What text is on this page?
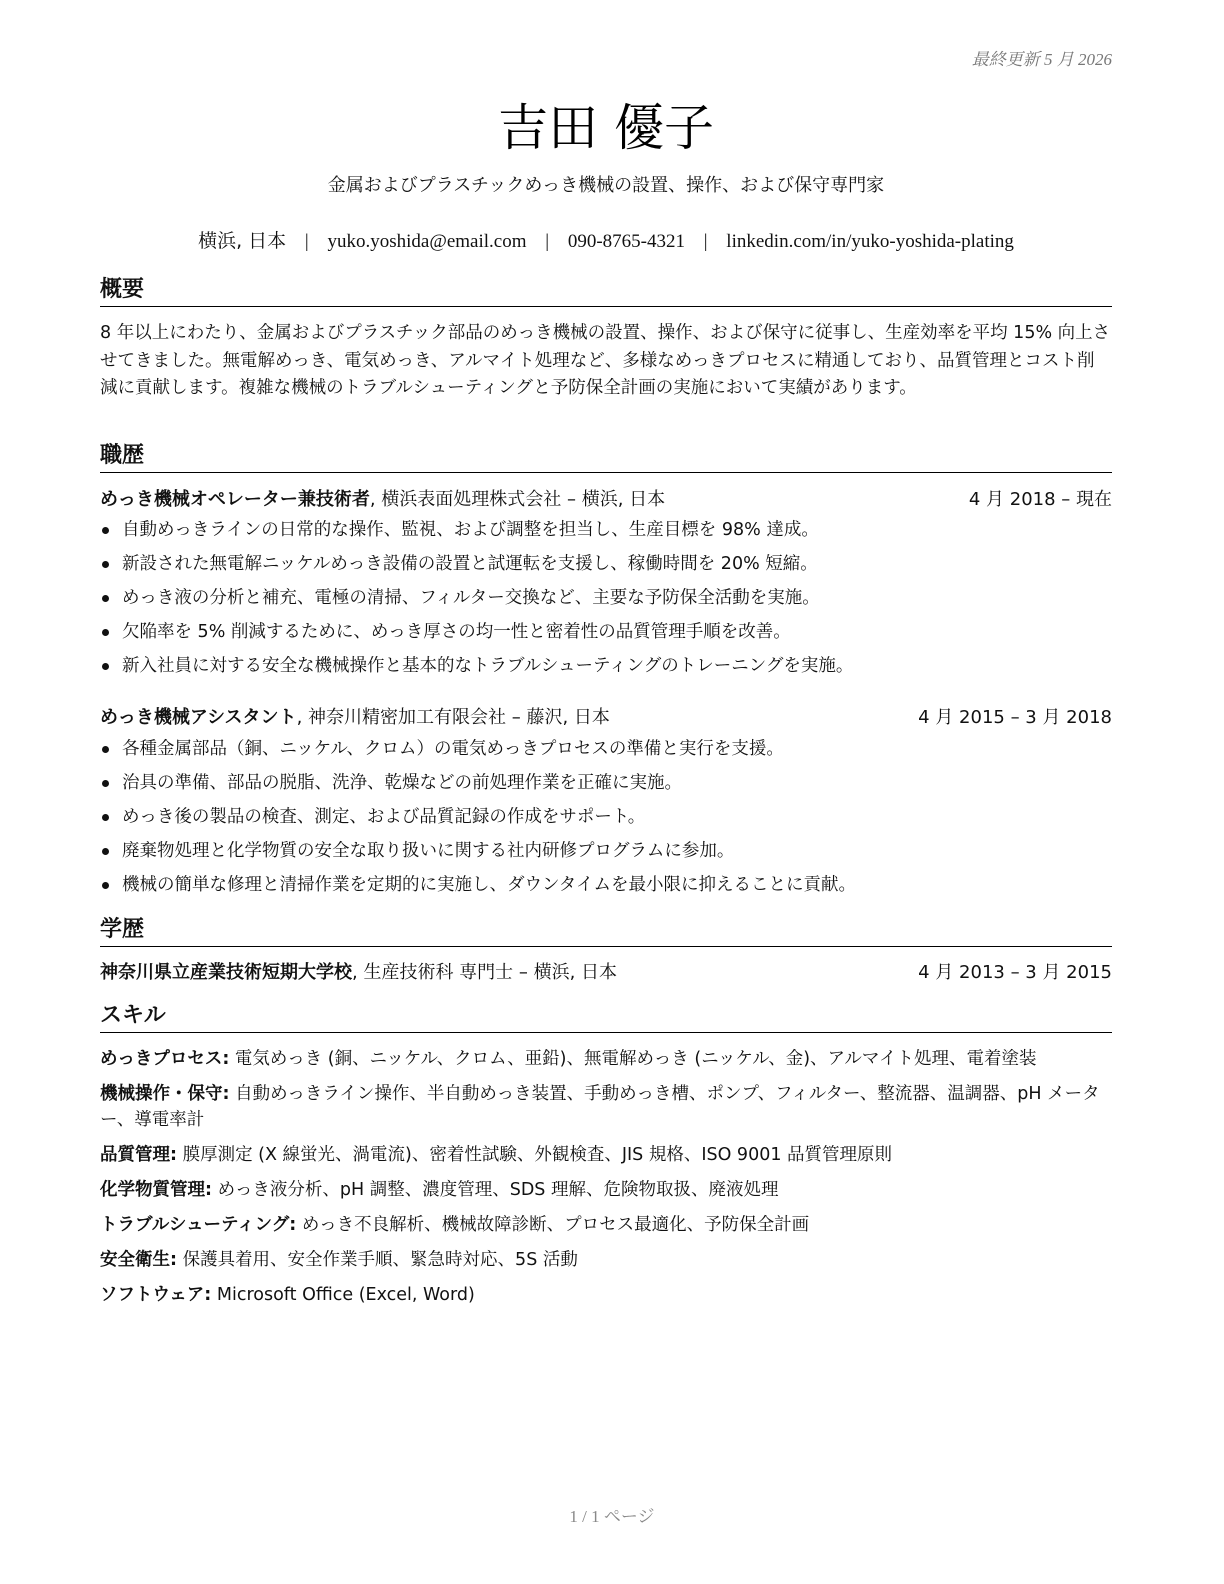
最終更新 5 月 2026
吉田 優子
金属およびプラスチックめっき機械の設置、操作、および保守専門家
横浜, 日本 | yuko.yoshida@email.com | 090-8765-4321 | linkedin.com/in/yuko-yoshida-plating
概要

8 年以上にわたり、金属およびプラスチック部品のめっき機械の設置、操作、および保守に従事し、生産効率を平均 15% 向上させてきました。無電解めっき、電気めっき、アルマイト処理など、多様なめっきプロセスに精通しており、品質管理とコスト削減に貢献します。複雑な機械のトラブルシューティングと予防保全計画の実施において実績があります。

職歴
めっき機械オペレーター兼技術者, 横浜表面処理株式会社 – 横浜, 日本	4 月 2018 – 現在
自動めっきラインの日常的な操作、監視、および調整を担当し、生産目標を 98% 達成。
新設された無電解ニッケルめっき設備の設置と試運転を支援し、稼働時間を 20% 短縮。
めっき液の分析と補充、電極の清掃、フィルター交換など、主要な予防保全活動を実施。
欠陥率を 5% 削減するために、めっき厚さの均一性と密着性の品質管理手順を改善。
新入社員に対する安全な機械操作と基本的なトラブルシューティングのトレーニングを実施。
めっき機械アシスタント, 神奈川精密加工有限会社 – 藤沢, 日本	4 月 2015 – 3 月 2018
各種金属部品（銅、ニッケル、クロム）の電気めっきプロセスの準備と実行を支援。
治具の準備、部品の脱脂、洗浄、乾燥などの前処理作業を正確に実施。
めっき後の製品の検査、測定、および品質記録の作成をサポート。
廃棄物処理と化学物質の安全な取り扱いに関する社内研修プログラムに参加。
機械の簡単な修理と清掃作業を定期的に実施し、ダウンタイムを最小限に抑えることに貢献。
学歴
神奈川県立産業技術短期大学校, 生産技術科 専門士 – 横浜, 日本	4 月 2013 – 3 月 2015
スキル
めっきプロセス: 電気めっき (銅、ニッケル、クロム、亜鉛)、無電解めっき (ニッケル、金)、アルマイト処理、電着塗装
機械操作・保守: 自動めっきライン操作、半自動めっき装置、手動めっき槽、ポンプ、フィルター、整流器、温調器、pH メーター、導電率計
品質管理: 膜厚測定 (X 線蛍光、渦電流)、密着性試験、外観検査、JIS 規格、ISO 9001 品質管理原則
化学物質管理: めっき液分析、pH 調整、濃度管理、SDS 理解、危険物取扱、廃液処理
トラブルシューティング: めっき不良解析、機械故障診断、プロセス最適化、予防保全計画
安全衛生: 保護具着用、安全作業手順、緊急時対応、5S 活動
ソフトウェア: Microsoft Office (Excel, Word)
1 / 1 ページ
